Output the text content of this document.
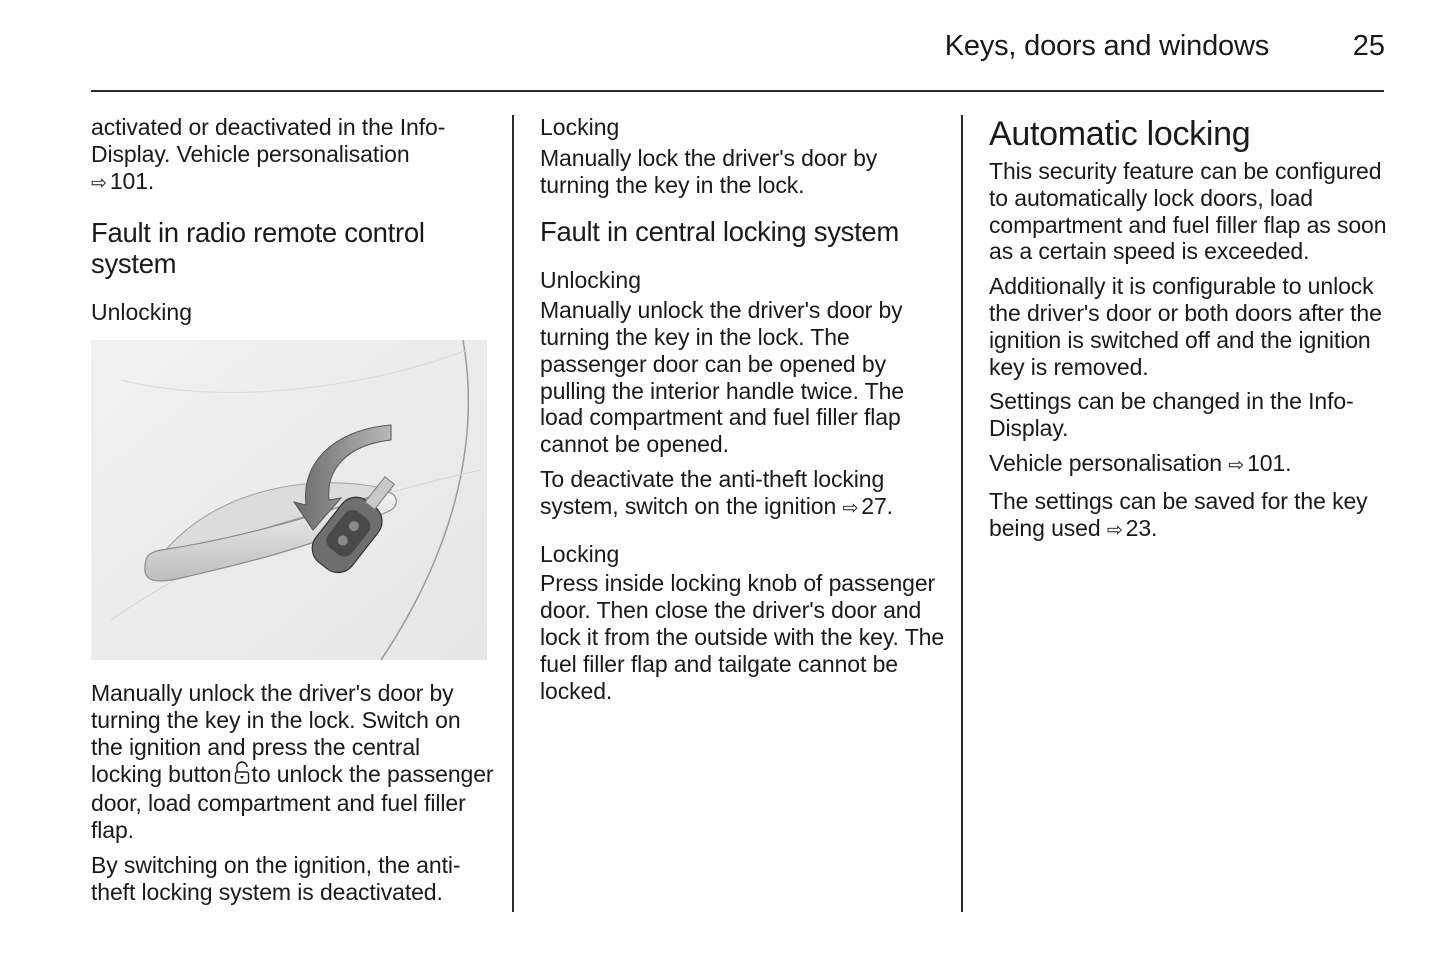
Keys, doors and windows	25

activated or deactivated in the Info-Display. Vehicle personalisation
⇨ 101.

Fault in radio remote control system
Unlocking

Manually unlock the driver's door by turning the key in the lock. Switch on the ignition and press the central locking button to unlock the passenger door, load compartment and fuel filler flap.

By switching on the ignition, the anti-theft locking system is deactivated.

Locking

Manually lock the driver's door by turning the key in the lock.

Fault in central locking system
Unlocking

Manually unlock the driver's door by turning the key in the lock. The passenger door can be opened by pulling the interior handle twice. The load compartment and fuel filler flap cannot be opened.

To deactivate the anti-theft locking system, switch on the ignition ⇨ 27.

Locking

Press inside locking knob of passenger door. Then close the driver's door and lock it from the outside with the key. The fuel filler flap and tailgate cannot be locked.

Automatic locking

This security feature can be configured to automatically lock doors, load compartment and fuel filler flap as soon as a certain speed is exceeded.

Additionally it is configurable to unlock the driver's door or both doors after the ignition is switched off and the ignition key is removed.

Settings can be changed in the Info-Display.

Vehicle personalisation ⇨ 101.

The settings can be saved for the key being used ⇨ 23.
